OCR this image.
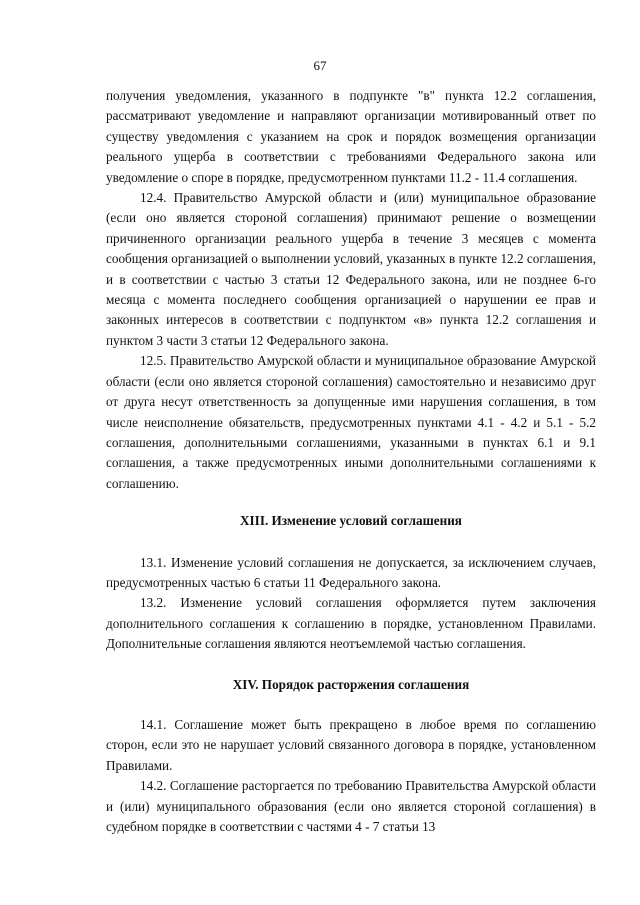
67

получения уведомления, указанного в подпункте "в" пункта 12.2 соглашения, рассматривают уведомление и направляют организации мотивированный ответ по существу уведомления с указанием на срок и порядок возмещения организации реального ущерба в соответствии с требованиями Федерального закона или уведомление о споре в порядке, предусмотренном пунктами 11.2 - 11.4 соглашения.

12.4. Правительство Амурской области и (или) муниципальное образование (если оно является стороной соглашения) принимают решение о возмещении причиненного организации реального ущерба в течение 3 месяцев с момента сообщения организацией о выполнении условий, указанных в пункте 12.2 соглашения, и в соответствии с частью 3 статьи 12 Федерального закона, или не позднее 6-го месяца с момента последнего сообщения организацией о нарушении ее прав и законных интересов в соответствии с подпунктом «в» пункта 12.2 соглашения и пунктом 3 части 3 статьи 12 Федерального закона.

12.5. Правительство Амурской области и муниципальное образование Амурской области (если оно является стороной соглашения) самостоятельно и независимо друг от друга несут ответственность за допущенные ими нарушения соглашения, в том числе неисполнение обязательств, предусмотренных пунктами 4.1 - 4.2 и 5.1 - 5.2 соглашения, дополнительными соглашениями, указанными в пунктах 6.1 и 9.1 соглашения, а также предусмотренных иными дополнительными соглашениями к соглашению.

XIII. Изменение условий соглашения

13.1. Изменение условий соглашения не допускается, за исключением случаев, предусмотренных частью 6 статьи 11 Федерального закона.

13.2. Изменение условий соглашения оформляется путем заключения дополнительного соглашения к соглашению в порядке, установленном Правилами. Дополнительные соглашения являются неотъемлемой частью соглашения.

XIV. Порядок расторжения соглашения

14.1. Соглашение может быть прекращено в любое время по соглашению сторон, если это не нарушает условий связанного договора в порядке, установленном Правилами.

14.2. Соглашение расторгается по требованию Правительства Амурской области и (или) муниципального образования (если оно является стороной соглашения) в судебном порядке в соответствии с частями 4 - 7 статьи 13
